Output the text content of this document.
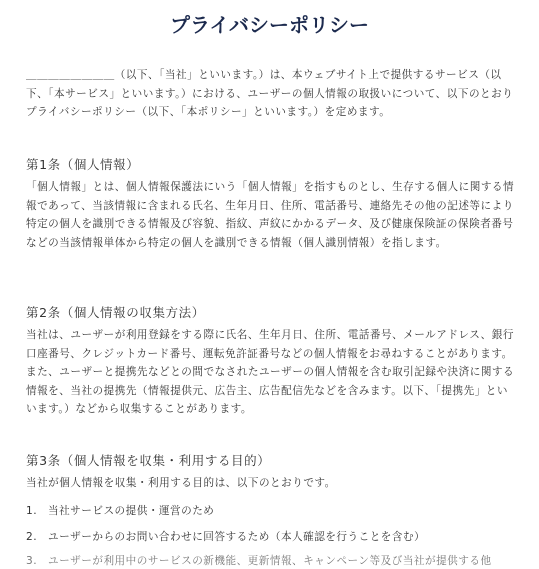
プライバシーポリシー

＿＿＿＿＿＿＿＿（以下、「当社」といいます。）は、本ウェブサイト上で提供するサービス（以下、「本サービス」といいます。）における、ユーザーの個人情報の取扱いについて、以下のとおりプライバシーポリシー（以下、「本ポリシー」といいます。）を定めます。

第1条（個人情報）

「個人情報」とは、個人情報保護法にいう「個人情報」を指すものとし、生存する個人に関する情報であって、当該情報に含まれる氏名、生年月日、住所、電話番号、連絡先その他の記述等により特定の個人を識別できる情報及び容貌、指紋、声紋にかかるデータ、及び健康保険証の保険者番号などの当該情報単体から特定の個人を識別できる情報（個人識別情報）を指します。

第2条（個人情報の収集方法）

当社は、ユーザーが利用登録をする際に氏名、生年月日、住所、電話番号、メールアドレス、銀行口座番号、クレジットカード番号、運転免許証番号などの個人情報をお尋ねすることがあります。また、ユーザーと提携先などとの間でなされたユーザーの個人情報を含む取引記録や決済に関する情報を、当社の提携先（情報提供元、広告主、広告配信先などを含みます。以下、「提携先」といいます。）などから収集することがあります。

第3条（個人情報を収集・利用する目的）

当社が個人情報を収集・利用する目的は、以下のとおりです。

1. 当社サービスの提供・運営のため
2. ユーザーからのお問い合わせに回答するため（本人確認を行うことを含む）
3. ユーザーが利用中のサービスの新機能、更新情報、キャンペーン等及び当社が提供する他
